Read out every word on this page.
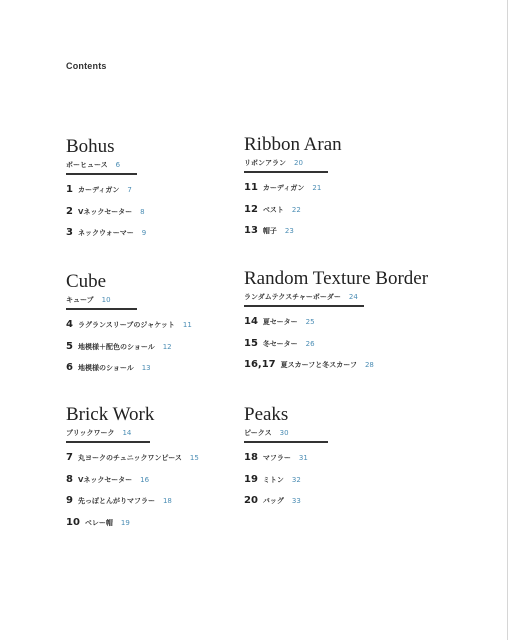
Contents
Bohus
ボーヒュース 6
1 カーディガン 7
2 Vネックセーター 8
3 ネックウォーマー 9
Cube
キューブ 10
4 ラグランスリーブのジャケット 11
5 地模様＋配色のショール 12
6 地模様のショール 13
Brick Work
ブリックワーク 14
7 丸ヨークのチュニックワンピース 15
8 Vネックセーター 16
9 先っぽとんがりマフラー 18
10 ベレー帽 19
Ribbon Aran
リボンアラン 20
11 カーディガン 21
12 ベスト 22
13 帽子 23
Random Texture Border
ランダムテクスチャーボーダー 24
14 夏セーター 25
15 冬セーター 26
16,17 夏スカーフと冬スカーフ 28
Peaks
ピークス 30
18 マフラー 31
19 ミトン 32
20 バッグ 33
